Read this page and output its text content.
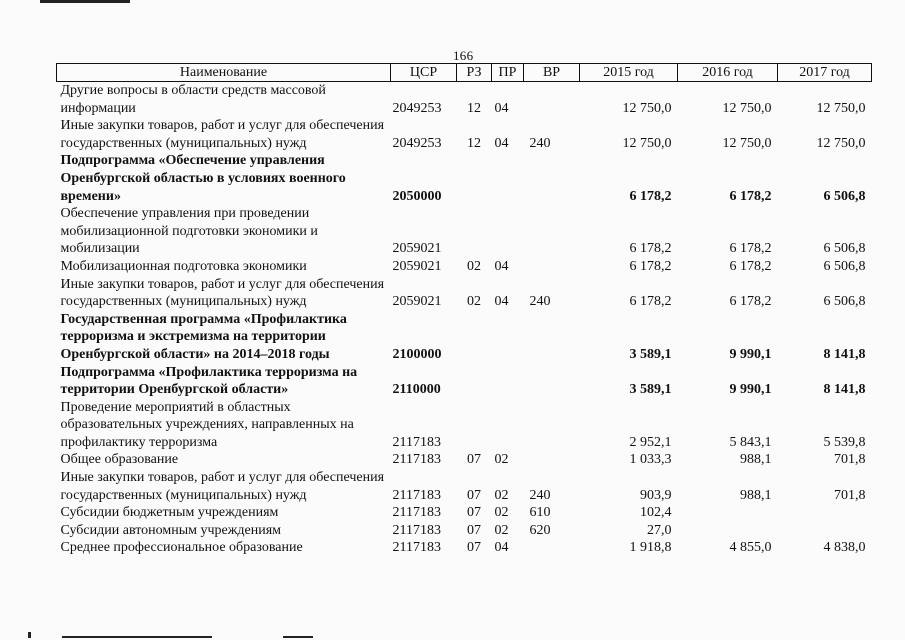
166
Наименование	ЦСР	РЗ	ПР	ВР	2015 год	2016 год	2017 год
Другие вопросы в области средств массовой информации	2049253	12	04		12 750,0	12 750,0	12 750,0
Иные закупки товаров, работ и услуг для обеспечения государственных (муниципальных) нужд	2049253	12	04	240	12 750,0	12 750,0	12 750,0
Подпрограмма «Обеспечение управления Оренбургской областью в условиях военного времени»	2050000				6 178,2	6 178,2	6 506,8
Обеспечение управления при проведении мобилизационной подготовки экономики и мобилизации	2059021				6 178,2	6 178,2	6 506,8
Мобилизационная подготовка экономики	2059021	02	04		6 178,2	6 178,2	6 506,8
Иные закупки товаров, работ и услуг для обеспечения государственных (муниципальных) нужд	2059021	02	04	240	6 178,2	6 178,2	6 506,8
Государственная программа «Профилактика терроризма и экстремизма на территории Оренбургской области» на 2014–2018 годы	2100000				3 589,1	9 990,1	8 141,8
Подпрограмма «Профилактика терроризма на территории Оренбургской области»	2110000				3 589,1	9 990,1	8 141,8
Проведение мероприятий в областных образовательных учреждениях, направленных на профилактику терроризма	2117183				2 952,1	5 843,1	5 539,8
Общее образование	2117183	07	02		1 033,3	988,1	701,8
Иные закупки товаров, работ и услуг для обеспечения государственных (муниципальных) нужд	2117183	07	02	240	903,9	988,1	701,8
Субсидии бюджетным учреждениям	2117183	07	02	610	102,4		
Субсидии автономным учреждениям	2117183	07	02	620	27,0		
Среднее профессиональное образование	2117183	07	04		1 918,8	4 855,0	4 838,0
